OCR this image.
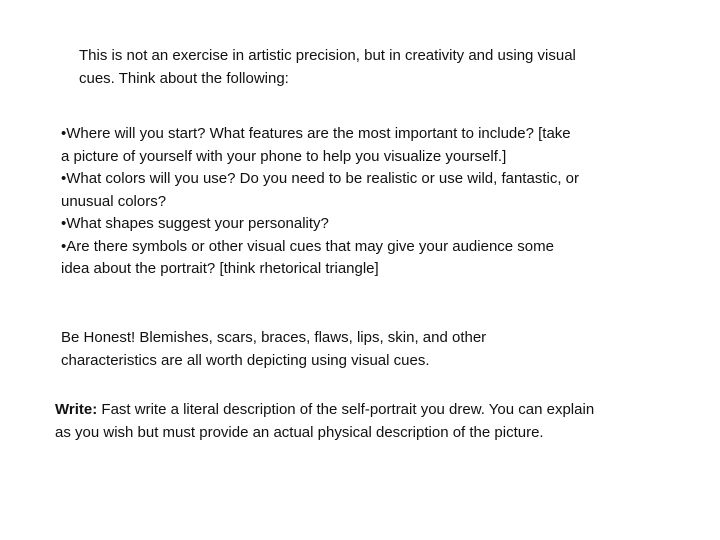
This is not an exercise in artistic precision, but in creativity and using visual cues. Think about the following:

•Where will you start? What features are the most important to include? [take a picture of yourself with your phone to help you visualize yourself.]
•What colors will you use? Do you need to be realistic or use wild, fantastic, or unusual colors?
•What shapes suggest your personality?
•Are there symbols or other visual cues that may give your audience some idea about the portrait? [think rhetorical triangle]

Be Honest! Blemishes, scars, braces, flaws, lips, skin, and other characteristics are all worth depicting using visual cues.

Write: Fast write a literal description of the self-portrait you drew. You can explain as you wish but must provide an actual physical description of the picture.
